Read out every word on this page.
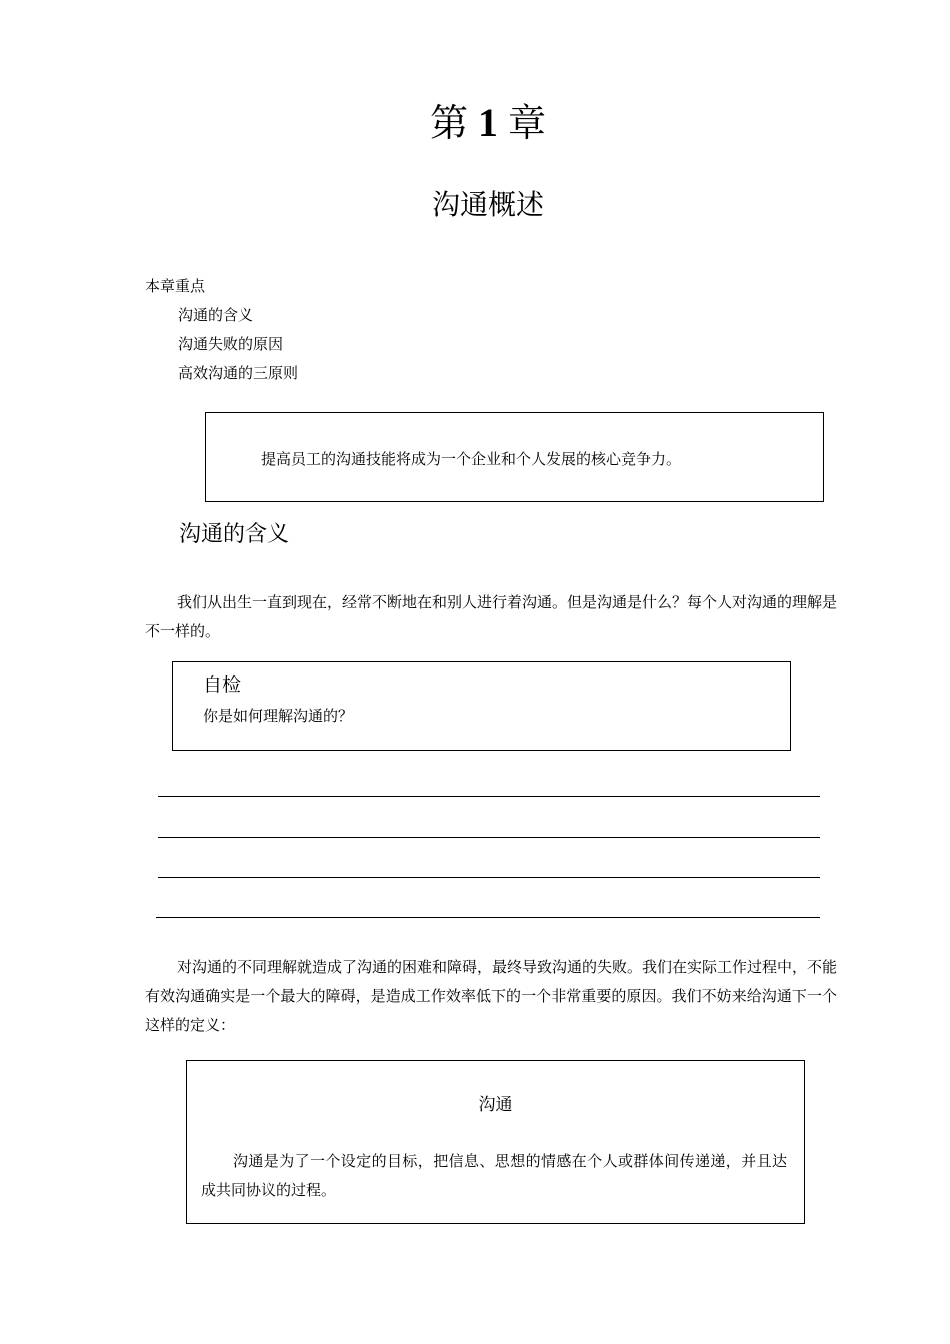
第 1 章
沟通概述
本章重点
沟通的含义
沟通失败的原因
高效沟通的三原则
提高员工的沟通技能将成为一个企业和个人发展的核心竞争力。
沟通的含义
我们从出生一直到现在，经常不断地在和别人进行着沟通。但是沟通是什么？每个人对沟通的理解是不一样的。
自检
你是如何理解沟通的？
对沟通的不同理解就造成了沟通的困难和障碍，最终导致沟通的失败。我们在实际工作过程中，不能有效沟通确实是一个最大的障碍，是造成工作效率低下的一个非常重要的原因。我们不妨来给沟通下一个这样的定义：
沟通
沟通是为了一个设定的目标，把信息、思想的情感在个人或群体间传递递，并且达成共同协议的过程。
